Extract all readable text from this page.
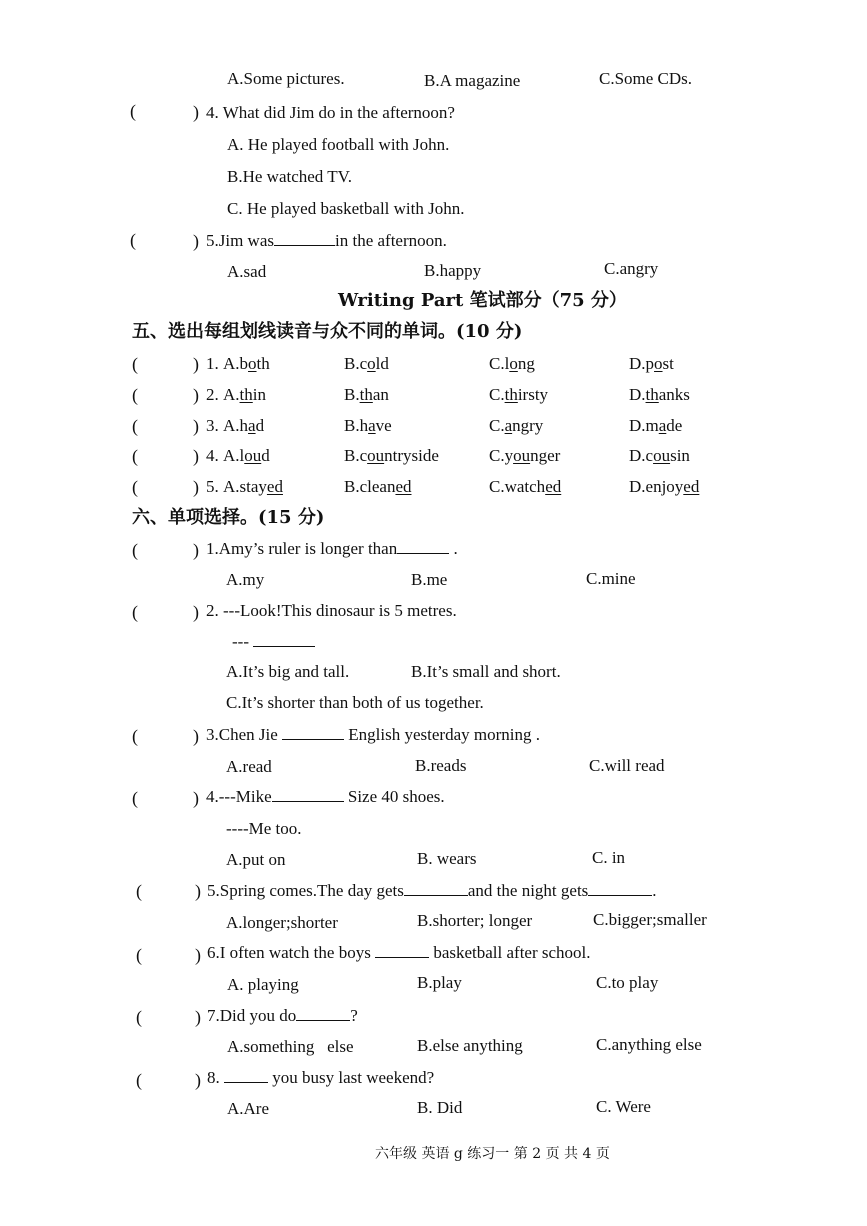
A.Some pictures.	B.A magazine	C.Some CDs.
(	) 4. What did Jim do in the afternoon?
A. He played football with John.
B.He watched TV.
C. He played basketball with John.
(	) 5.Jim was	in the afternoon.
A.sad	B.happy	C.angry
Writing Part 笔试部分（75 分）
五、选出每组划线读音与众不同的单词。(10 分)
(	) 1. A.both	B.cold	C.long	D.post
(	) 2. A.thin	B.than	C.thirsty	D.thanks
(	) 3. A.had	B.have	C.angry	D.made
(	) 4. A.loud	B.countryside	C.younger	D.cousin
(	) 5. A.stayed	B.cleaned	C.watched	D.enjoyed
六、单项选择。(15 分)
(	) 1.Amy’s ruler is longer than	.
A.my	B.me	C.mine
(	) 2. ---Look!This dinosaur is 5 metres.
---
A.It’s big and tall.	B.It’s small and short.
C.It’s shorter than both of us together.
(	) 3.Chen Jie	English yesterday morning .
A.read	B.reads	C.will read
(	) 4.---Mike	Size 40 shoes.
----Me too.
A.put on	B. wears	C. in
(	) 5.Spring comes.The day gets	and the night gets	.
A.longer;shorter	B.shorter; longer	C.bigger;smaller
(	) 6.I often watch the boys	basketball after school.
A. playing	B.play	C.to play
(	) 7.Did you do	?
A.something   else	B.else anything	C.anything else
(	) 8.	you busy last weekend?
A.Are	B. Did	C. Were
六年级 英语 g 练习一 第 2 页 共 4 页
